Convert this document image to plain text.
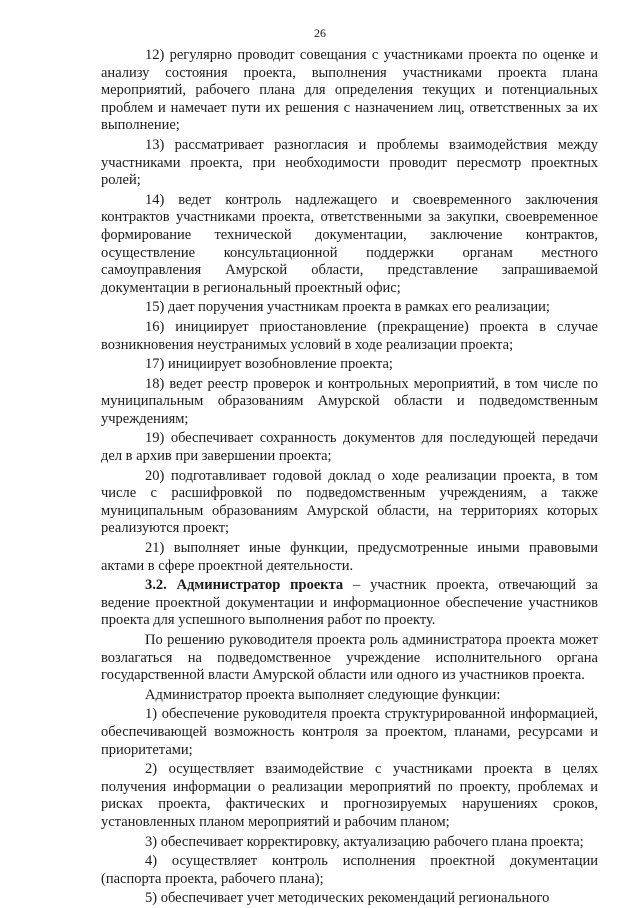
26

12) регулярно проводит совещания с участниками проекта по оценке и анализу состояния проекта, выполнения участниками проекта плана мероприятий, рабочего плана для определения текущих и потенциальных проблем и намечает пути их решения с назначением лиц, ответственных за их выполнение;

13) рассматривает разногласия и проблемы взаимодействия между участниками проекта, при необходимости проводит пересмотр проектных ролей;

14) ведет контроль надлежащего и своевременного заключения контрактов участниками проекта, ответственными за закупки, своевременное формирование технической документации, заключение контрактов, осуществление консультационной поддержки органам местного самоуправления Амурской области, представление запрашиваемой документации в региональный проектный офис;

15) дает поручения участникам проекта в рамках его реализации;

16) инициирует приостановление (прекращение) проекта в случае возникновения неустранимых условий в ходе реализации проекта;

17) инициирует возобновление проекта;

18) ведет реестр проверок и контрольных мероприятий, в том числе по муниципальным образованиям Амурской области и подведомственным учреждениям;

19) обеспечивает сохранность документов для последующей передачи дел в архив при завершении проекта;

20) подготавливает годовой доклад о ходе реализации проекта, в том числе с расшифровкой по подведомственным учреждениям, а также муниципальным образованиям Амурской области, на территориях которых реализуются проект;

21) выполняет иные функции, предусмотренные иными правовыми актами в сфере проектной деятельности.

3.2. Администратор проекта – участник проекта, отвечающий за ведение проектной документации и информационное обеспечение участников проекта для успешного выполнения работ по проекту.

По решению руководителя проекта роль администратора проекта может возлагаться на подведомственное учреждение исполнительного органа государственной власти Амурской области или одного из участников проекта.

Администратор проекта выполняет следующие функции:

1) обеспечение руководителя проекта структурированной информацией, обеспечивающей возможность контроля за проектом, планами, ресурсами и приоритетами;

2) осуществляет взаимодействие с участниками проекта в целях получения информации о реализации мероприятий по проекту, проблемах и рисках проекта, фактических и прогнозируемых нарушениях сроков, установленных планом мероприятий и рабочим планом;

3) обеспечивает корректировку, актуализацию рабочего плана проекта;

4) осуществляет контроль исполнения проектной документации (паспорта проекта, рабочего плана);

5) обеспечивает учет методических рекомендаций регионального
